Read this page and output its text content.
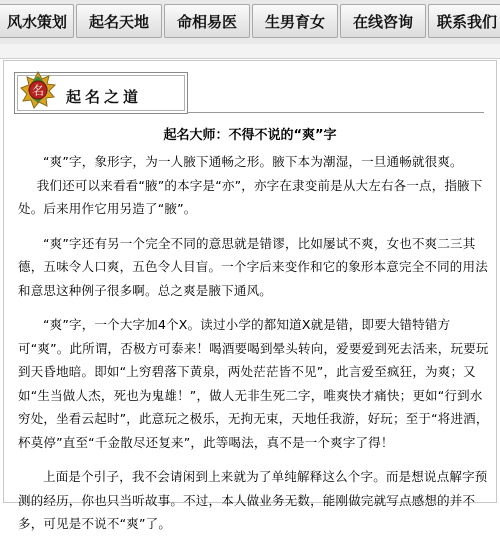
风水策划	起名天地	命相易医	生男育女	在线咨询	联系我们
名 起名之道
起名大师：不得不说的“爽”字

“爽”字，象形字，为一人腋下通畅之形。腋下本为潮湿，一旦通畅就很爽。

我们还可以来看看“腋”的本字是“亦”，亦字在隶变前是从大左右各一点，指腋下处。后来用作它用另造了“腋”。

“爽”字还有另一个完全不同的意思就是错谬，比如屡试不爽，女也不爽二三其德，五味令人口爽，五色令人目盲。一个字后来变作和它的象形本意完全不同的用法和意思这种例子很多啊。总之爽是腋下通风。

“爽”字，一个大字加4个X。读过小学的都知道X就是错，即要大错特错方可“爽”。此所谓，否极方可泰来！喝酒要喝到晕头转向，爱要爱到死去活来，玩要玩到天昏地暗。即如“上穷碧落下黄泉，两处茫茫皆不见”，此言爱至疯狂，为爽；又如“生当做人杰，死也为鬼雄！”，做人无非生死二字，唯爽快才痛快；更如“行到水穷处，坐看云起时”，此意玩之极乐，无拘无束，天地任我游，好玩；至于“将进酒，杯莫停”直至“千金散尽还复来”，此等喝法，真不是一个爽字了得！

上面是个引子，我不会请闲到上来就为了单纯解释这么个字。而是想说点解字预测的经历，你也只当听故事。不过，本人做业务无数，能刚做完就写点感想的并不多，可见是不说不“爽”了。
